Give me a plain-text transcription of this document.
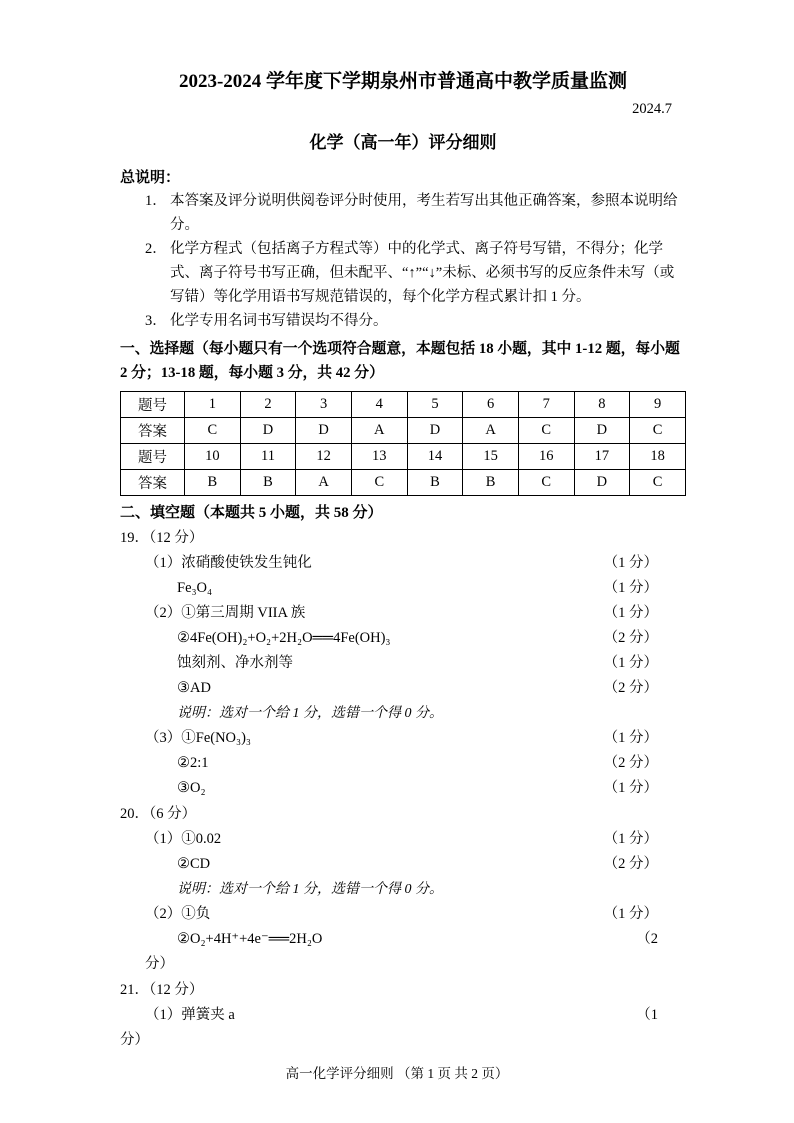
2023-2024 学年度下学期泉州市普通高中教学质量监测
2024.7
化学（高一年）评分细则
总说明：
1． 本答案及评分说明供阅卷评分时使用，考生若写出其他正确答案，参照本说明给分。
2． 化学方程式（包括离子方程式等）中的化学式、离子符号写错，不得分；化学式、离子符号书写正确，但未配平、“↑”“↓”未标、必须书写的反应条件未写（或写错）等化学用语书写规范错误的，每个化学方程式累计扣 1 分。
3． 化学专用名词书写错误均不得分。
一、选择题（每小题只有一个选项符合题意，本题包括 18 小题，其中 1-12 题，每小题 2 分；13-18 题，每小题 3 分，共 42 分）
题号	1	2	3	4	5	6	7	8	9
答案	C	D	D	A	D	A	C	D	C
题号	10	11	12	13	14	15	16	17	18
答案	B	B	A	C	B	B	C	D	C
二、填空题（本题共 5 小题，共 58 分）
19．（12 分）
（1）浓硝酸使铁发生钝化	（1 分）
Fe₃O₄	（1 分）
（2）①第三周期 VIIA 族	（1 分）
②4Fe(OH)₂+O₂+2H₂O══4Fe(OH)₃	（2 分）
蚀刻剂、净水剂等	（1 分）
③AD	（2 分）
说明：选对一个给 1 分，选错一个得 0 分。
（3）①Fe(NO₃)₃	（1 分）
②2:1	（2 分）
③O₂	（1 分）
20．（6 分）
（1）①0.02	（1 分）
②CD	（2 分）
说明：选对一个给 1 分，选错一个得 0 分。
（2）①负	（1 分）
②O₂+4H⁺+4e⁻══2H₂O	（2
分）
21．（12 分）
（1）弹簧夹 a	（1
分）
高一化学评分细则 （第 1 页 共 2 页）
